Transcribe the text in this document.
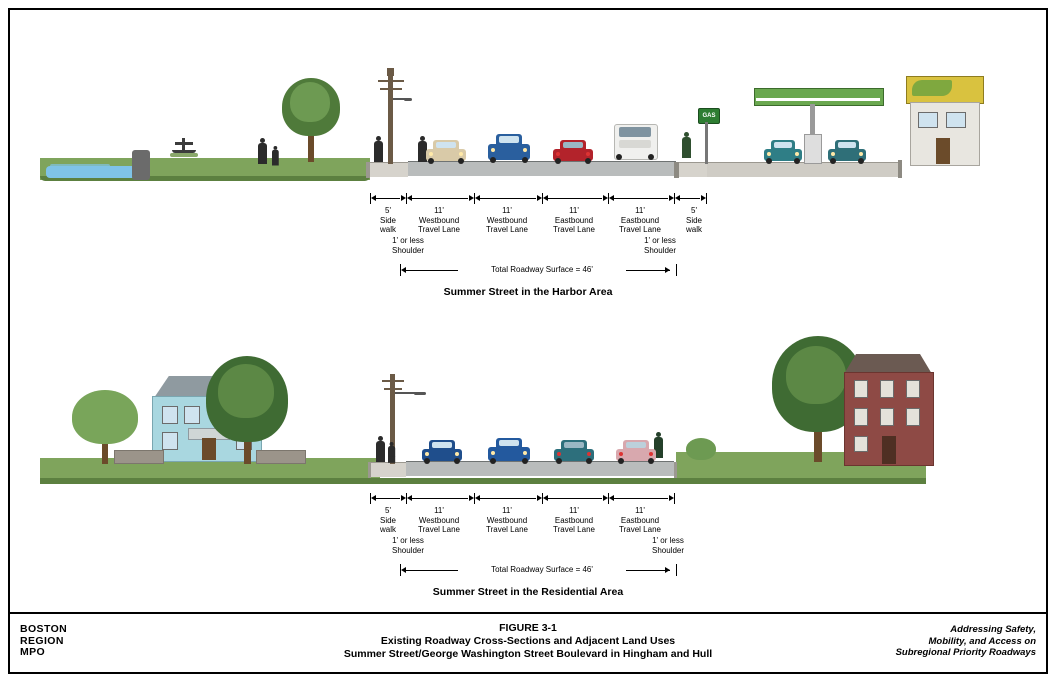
GAS
5'
Side
walk
11'
Westbound
Travel Lane
11'
Westbound
Travel Lane
11'
Eastbound
Travel Lane
11'
Eastbound
Travel Lane
5'
Side
walk
1' or less
Shoulder
1' or less
Shoulder
Total Roadway Surface = 46'
Summer Street in the Harbor Area
5'
Side
walk
11'
Westbound
Travel Lane
11'
Westbound
Travel Lane
11'
Eastbound
Travel Lane
11'
Eastbound
Travel Lane
1' or less
Shoulder
1' or less
Shoulder
Total Roadway Surface = 46'
Summer Street in the Residential Area
BOSTON
REGION
MPO
FIGURE 3-1
Existing Roadway Cross-Sections and Adjacent Land Uses
Summer Street/George Washington Street Boulevard in Hingham and Hull
Addressing Safety,
Mobility, and Access on
Subregional Priority Roadways
